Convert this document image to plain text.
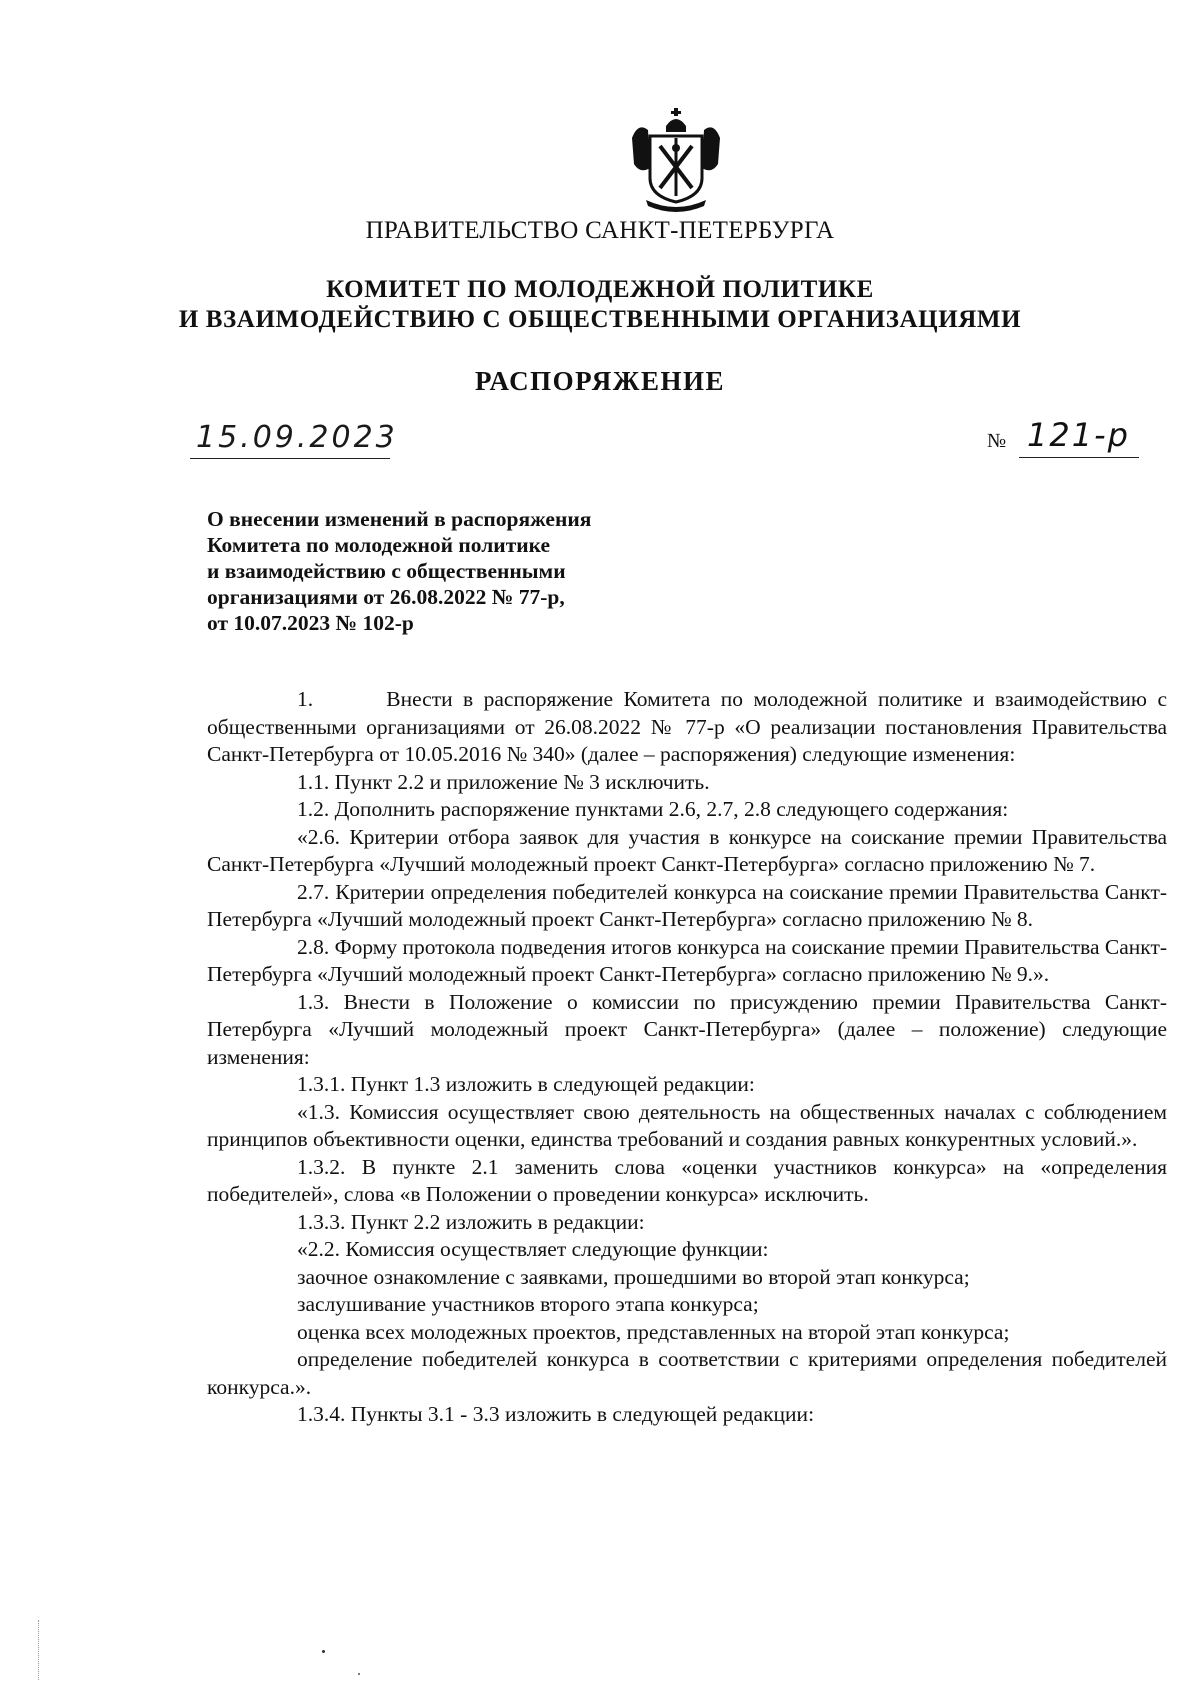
ПРАВИТЕЛЬСТВО САНКТ-ПЕТЕРБУРГА
КОМИТЕТ ПО МОЛОДЕЖНОЙ ПОЛИТИКЕ
И ВЗАИМОДЕЙСТВИЮ С ОБЩЕСТВЕННЫМИ ОРГАНИЗАЦИЯМИ
РАСПОРЯЖЕНИЕ
15.09.2023	№ 121-р
О внесении изменений в распоряжения
Комитета по молодежной политике
и взаимодействию с общественными
организациями от 26.08.2022 № 77-р,
от 10.07.2023 № 102-р

1.       Внести в распоряжение Комитета по молодежной политике и взаимодействию с общественными организациями от 26.08.2022 № 77-р «О реализации постановления Правительства Санкт-Петербурга от 10.05.2016 № 340» (далее – распоряжения) следующие изменения:

1.1. Пункт 2.2 и приложение № 3 исключить.

1.2. Дополнить распоряжение пунктами 2.6, 2.7, 2.8 следующего содержания:

«2.6. Критерии отбора заявок для участия в конкурсе на соискание премии Правительства Санкт-Петербурга «Лучший молодежный проект Санкт-Петербурга» согласно приложению № 7.

2.7. Критерии определения победителей конкурса на соискание премии Правительства Санкт-Петербурга «Лучший молодежный проект Санкт-Петербурга» согласно приложению № 8.

2.8. Форму протокола подведения итогов конкурса на соискание премии Правительства Санкт-Петербурга «Лучший молодежный проект Санкт-Петербурга» согласно приложению № 9.».

1.3. Внести в Положение о комиссии по присуждению премии Правительства Санкт-Петербурга «Лучший молодежный проект Санкт-Петербурга» (далее – положение) следующие изменения:

1.3.1. Пункт 1.3 изложить в следующей редакции:

«1.3. Комиссия осуществляет свою деятельность на общественных началах с соблюдением принципов объективности оценки, единства требований и создания равных конкурентных условий.».

1.3.2. В пункте 2.1 заменить слова «оценки участников конкурса» на «определения победителей», слова «в Положении о проведении конкурса» исключить.

1.3.3. Пункт 2.2 изложить в редакции:

«2.2. Комиссия осуществляет следующие функции:

заочное ознакомление с заявками, прошедшими во второй этап конкурса;

заслушивание участников второго этапа конкурса;

оценка всех молодежных проектов, представленных на второй этап конкурса;

определение победителей конкурса в соответствии с критериями определения победителей конкурса.».

1.3.4. Пункты 3.1 - 3.3 изложить в следующей редакции:
